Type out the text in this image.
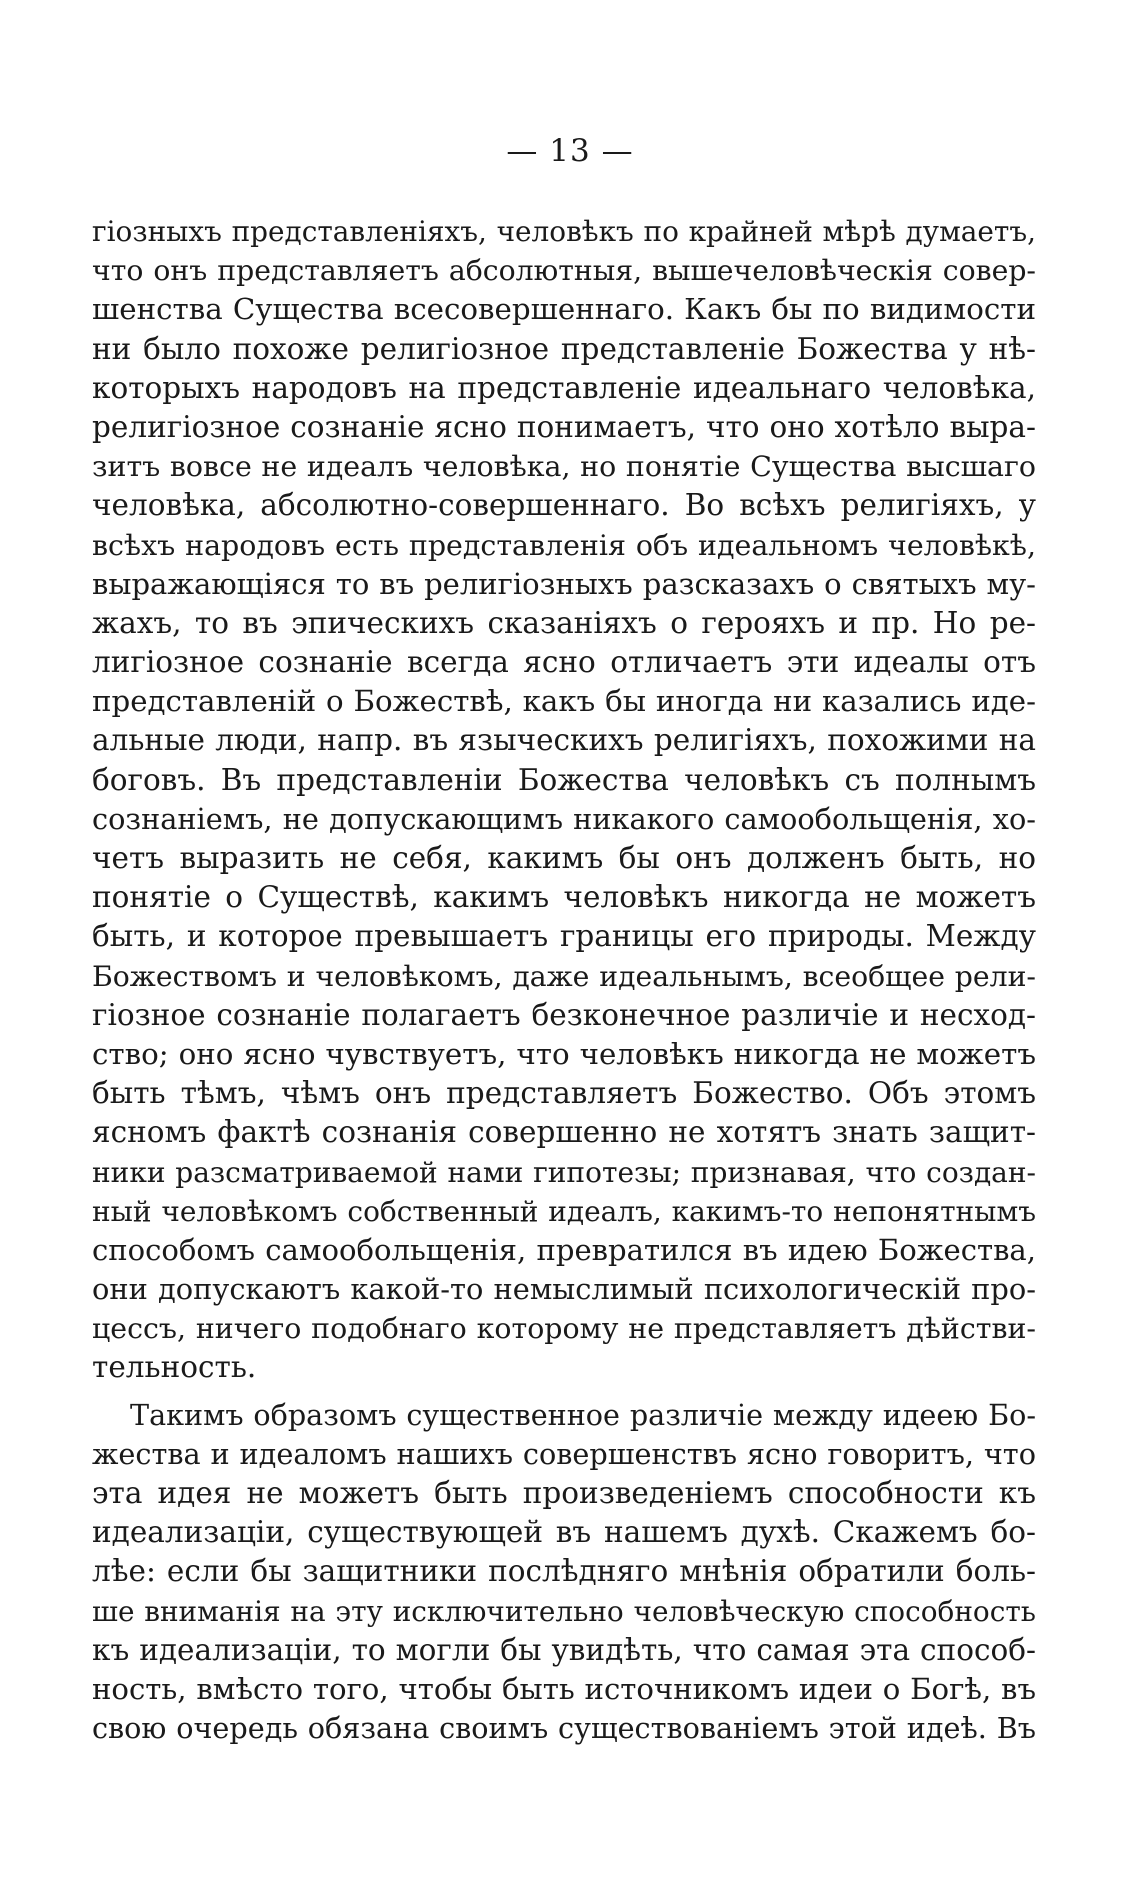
— 13 —
гіозныхъ представленіяхъ, человѣкъ по крайней мѣрѣ думаетъ,
что онъ представляетъ абсолютныя, вышечеловѣческія совер-
шенства Существа всесовершеннаго. Какъ бы по видимости
ни было похоже религіозное представленіе Божества у нѣ-
которыхъ народовъ на представленіе идеальнаго человѣка,
религіозное сознаніе ясно понимаетъ, что оно хотѣло выра-
зитъ вовсе не идеалъ человѣка, но понятіе Существа высшаго
человѣка, абсолютно-совершеннаго. Во всѣхъ религіяхъ, у
всѣхъ народовъ есть представленія объ идеальномъ человѣкѣ,
выражающіяся то въ религіозныхъ разсказахъ о святыхъ му-
жахъ, то въ эпическихъ сказаніяхъ о герояхъ и пр. Но ре-
лигіозное сознаніе всегда ясно отличаетъ эти идеалы отъ
представленій о Божествѣ, какъ бы иногда ни казались иде-
альные люди, напр. въ языческихъ религіяхъ, похожими на
боговъ. Въ представленіи Божества человѣкъ съ полнымъ
сознаніемъ, не допускающимъ никакого самообольщенія, хо-
четъ выразить не себя, какимъ бы онъ долженъ быть, но
понятіе о Существѣ, какимъ человѣкъ никогда не можетъ
быть, и которое превышаетъ границы его природы. Между
Божествомъ и человѣкомъ, даже идеальнымъ, всеобщее рели-
гіозное сознаніе полагаетъ безконечное различіе и несход-
ство; оно ясно чувствуетъ, что человѣкъ никогда не можетъ
быть тѣмъ, чѣмъ онъ представляетъ Божество. Объ этомъ
ясномъ фактѣ сознанія совершенно не хотятъ знать защит-
ники разсматриваемой нами гипотезы; признавая, что создан-
ный человѣкомъ собственный идеалъ, какимъ-то непонятнымъ
способомъ самообольщенія, превратился въ идею Божества,
они допускаютъ какой-то немыслимый психологическій про-
цессъ, ничего подобнаго которому не представляетъ дѣйстви-
тельность.
Такимъ образомъ существенное различіе между идеею Бо-
жества и идеаломъ нашихъ совершенствъ ясно говоритъ, что
эта идея не можетъ быть произведеніемъ способности къ
идеализаціи, существующей въ нашемъ духѣ. Скажемъ бо-
лѣе: если бы защитники послѣдняго мнѣнія обратили боль-
ше вниманія на эту исключительно человѣческую способность
къ идеализаціи, то могли бы увидѣть, что самая эта способ-
ность, вмѣсто того, чтобы быть источникомъ идеи о Богѣ, въ
свою очередь обязана своимъ существованіемъ этой идеѣ. Въ
